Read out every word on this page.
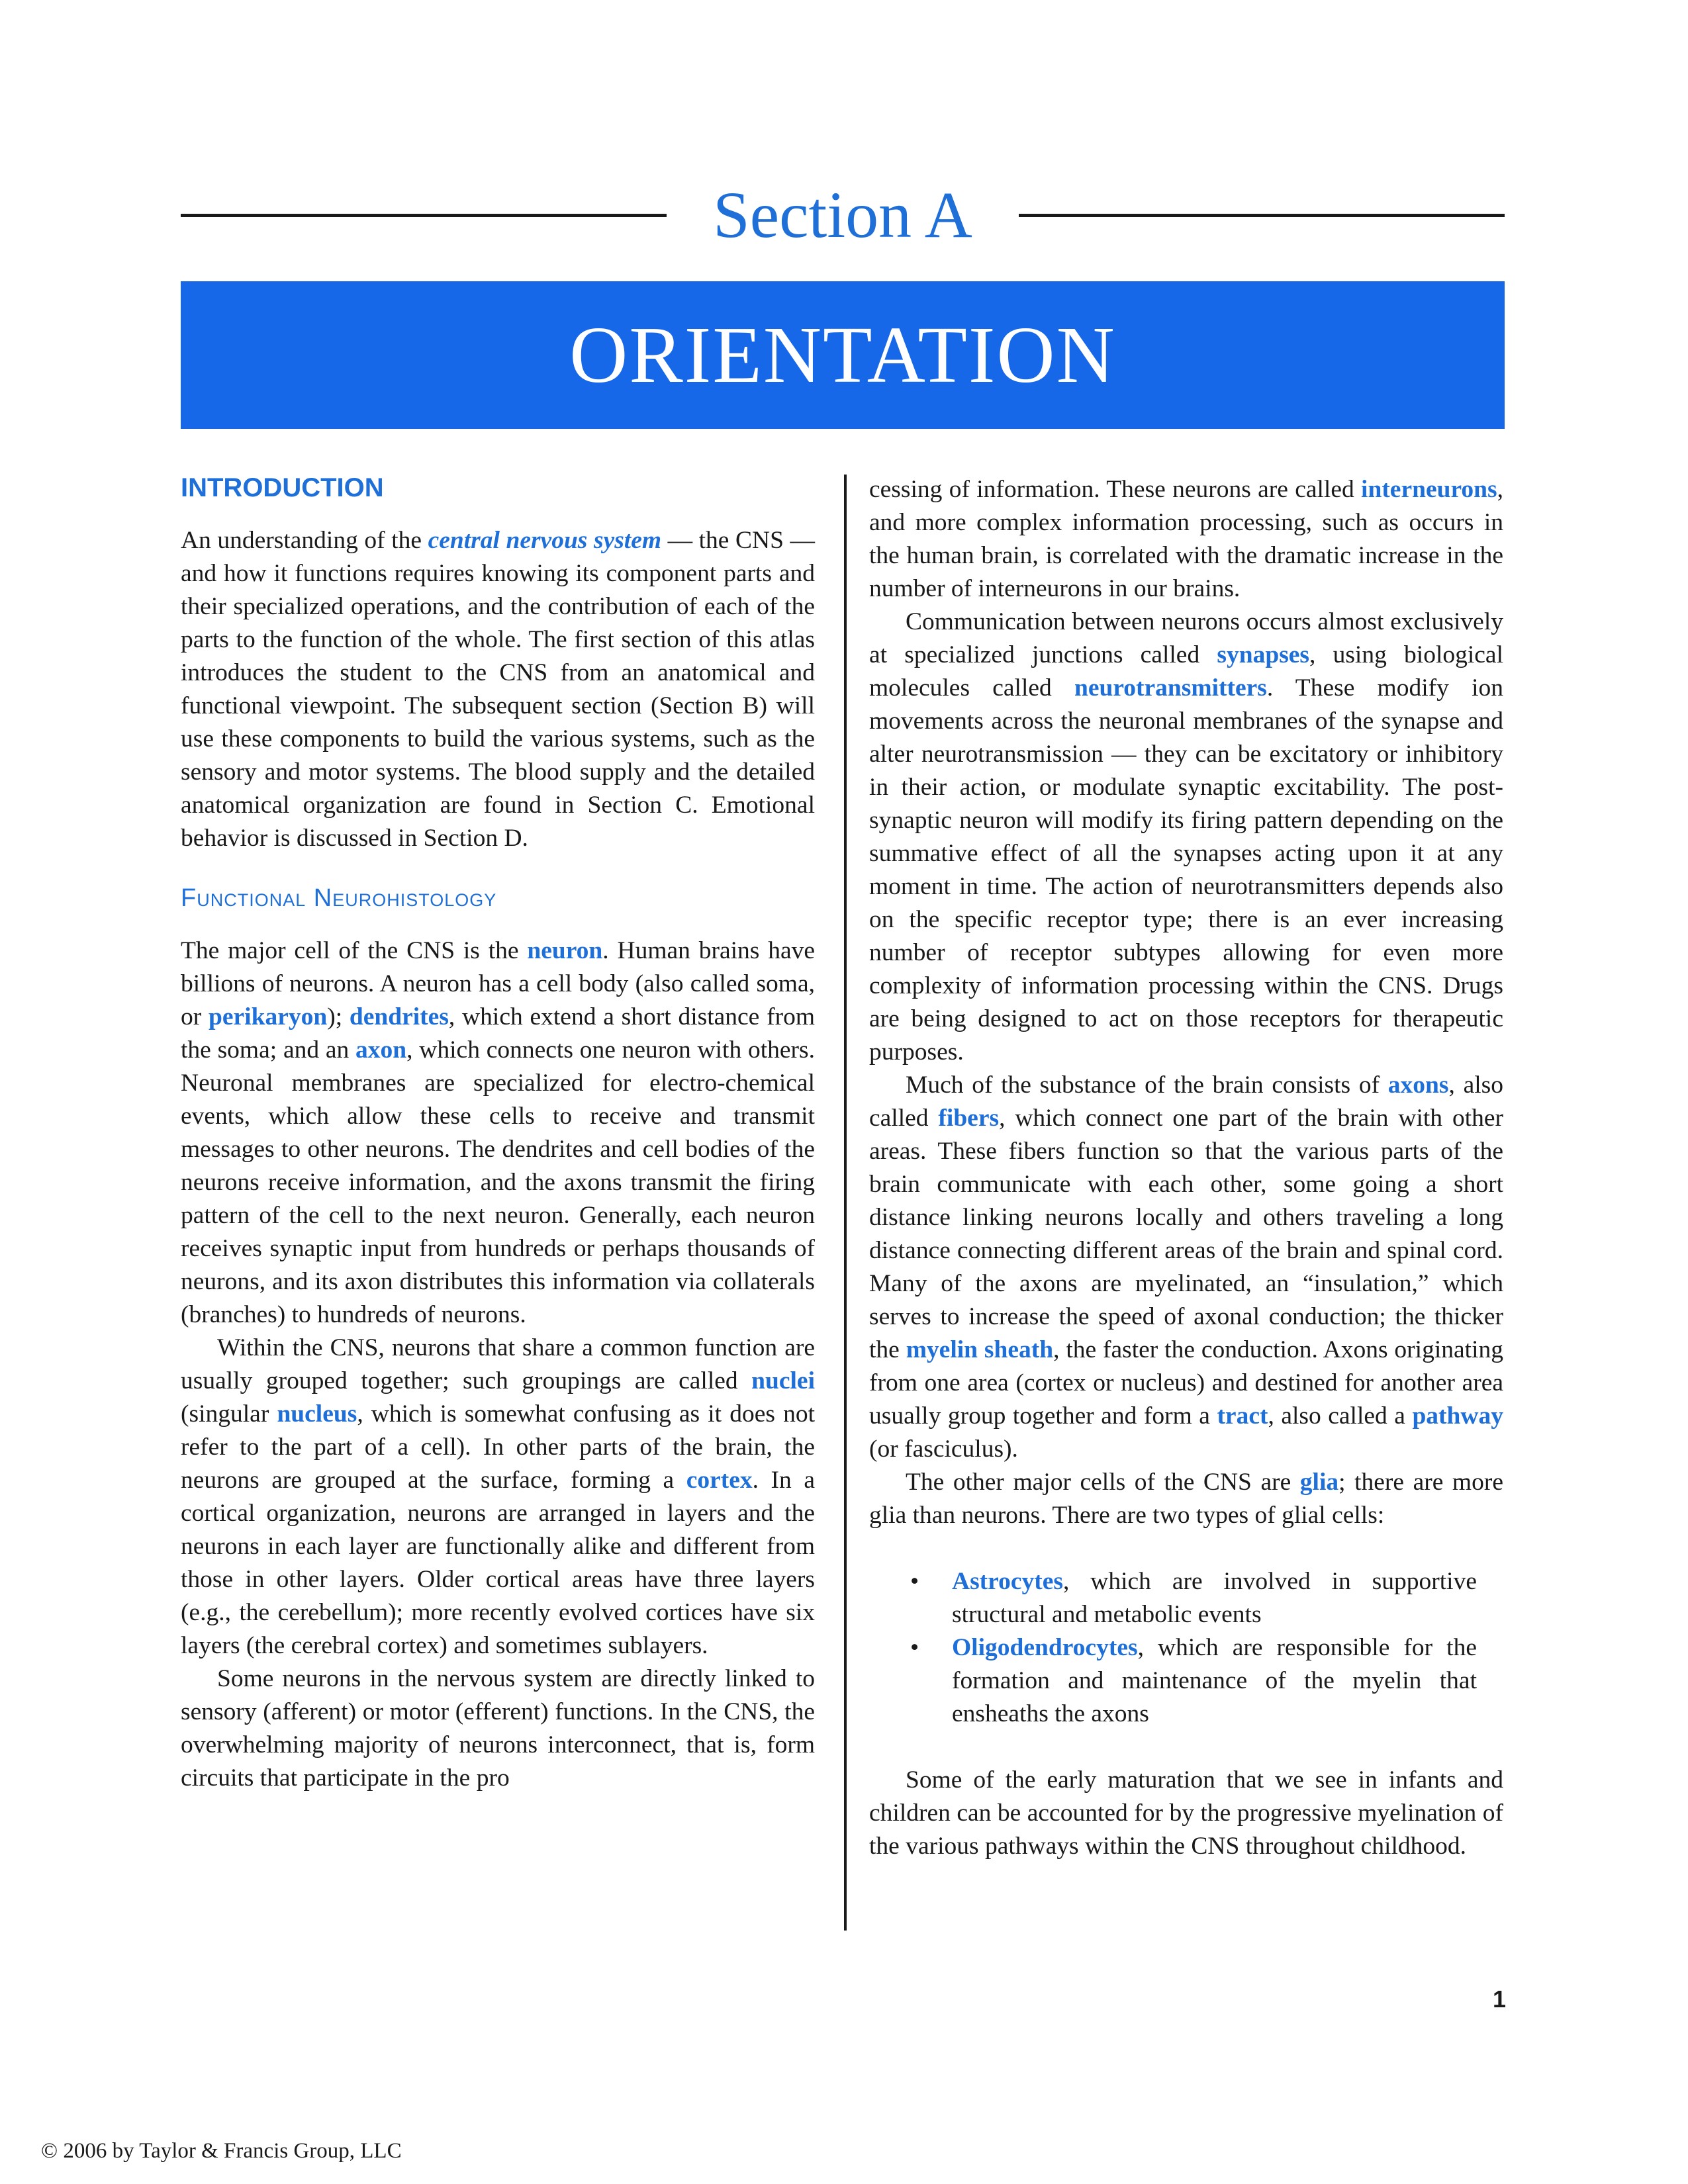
Section A
ORIENTATION
INTRODUCTION

An understanding of the central nervous system — the CNS — and how it functions requires knowing its component parts and their specialized operations, and the contribution of each of the parts to the function of the whole. The first section of this atlas introduces the student to the CNS from an anatomical and functional viewpoint. The subsequent section (Section B) will use these components to build the various systems, such as the sensory and motor systems. The blood supply and the detailed anatomical organization are found in Section C. Emotional behavior is discussed in Section D.

Functional Neurohistology

The major cell of the CNS is the neuron. Human brains have billions of neurons. A neuron has a cell body (also called soma, or perikaryon); dendrites, which extend a short distance from the soma; and an axon, which connects one neuron with others. Neuronal membranes are specialized for electro-chemical events, which allow these cells to receive and transmit messages to other neurons. The dendrites and cell bodies of the neurons receive information, and the axons transmit the firing pattern of the cell to the next neuron. Generally, each neuron receives synaptic input from hundreds or perhaps thousands of neurons, and its axon distributes this information via collaterals (branches) to hundreds of neurons.

Within the CNS, neurons that share a common function are usually grouped together; such groupings are called nuclei (singular nucleus, which is somewhat confusing as it does not refer to the part of a cell). In other parts of the brain, the neurons are grouped at the surface, forming a cortex. In a cortical organization, neurons are arranged in layers and the neurons in each layer are functionally alike and different from those in other layers. Older cortical areas have three layers (e.g., the cerebellum); more recently evolved cortices have six layers (the cerebral cortex) and sometimes sublayers.

Some neurons in the nervous system are directly linked to sensory (afferent) or motor (efferent) functions. In the CNS, the overwhelming majority of neurons interconnect, that is, form circuits that participate in the pro

cessing of information. These neurons are called interneurons, and more complex information processing, such as occurs in the human brain, is correlated with the dramatic increase in the number of interneurons in our brains.

Communication between neurons occurs almost exclusively at specialized junctions called synapses, using biological molecules called neurotransmitters. These modify ion movements across the neuronal membranes of the synapse and alter neurotransmission — they can be excitatory or inhibitory in their action, or modulate synaptic excitability. The post-synaptic neuron will modify its firing pattern depending on the summative effect of all the synapses acting upon it at any moment in time. The action of neurotransmitters depends also on the specific receptor type; there is an ever increasing number of receptor subtypes allowing for even more complexity of information processing within the CNS. Drugs are being designed to act on those receptors for therapeutic purposes.

Much of the substance of the brain consists of axons, also called fibers, which connect one part of the brain with other areas. These fibers function so that the various parts of the brain communicate with each other, some going a short distance linking neurons locally and others traveling a long distance connecting different areas of the brain and spinal cord. Many of the axons are myelinated, an “insulation,” which serves to increase the speed of axonal conduction; the thicker the myelin sheath, the faster the conduction. Axons originating from one area (cortex or nucleus) and destined for another area usually group together and form a tract, also called a pathway (or fasciculus).

The other major cells of the CNS are glia; there are more glia than neurons. There are two types of glial cells:

• Astrocytes, which are involved in supportive structural and metabolic events
• Oligodendrocytes, which are responsible for the formation and maintenance of the myelin that ensheaths the axons

Some of the early maturation that we see in infants and children can be accounted for by the progressive myelination of the various pathways within the CNS throughout childhood.

1
© 2006 by Taylor & Francis Group, LLC
